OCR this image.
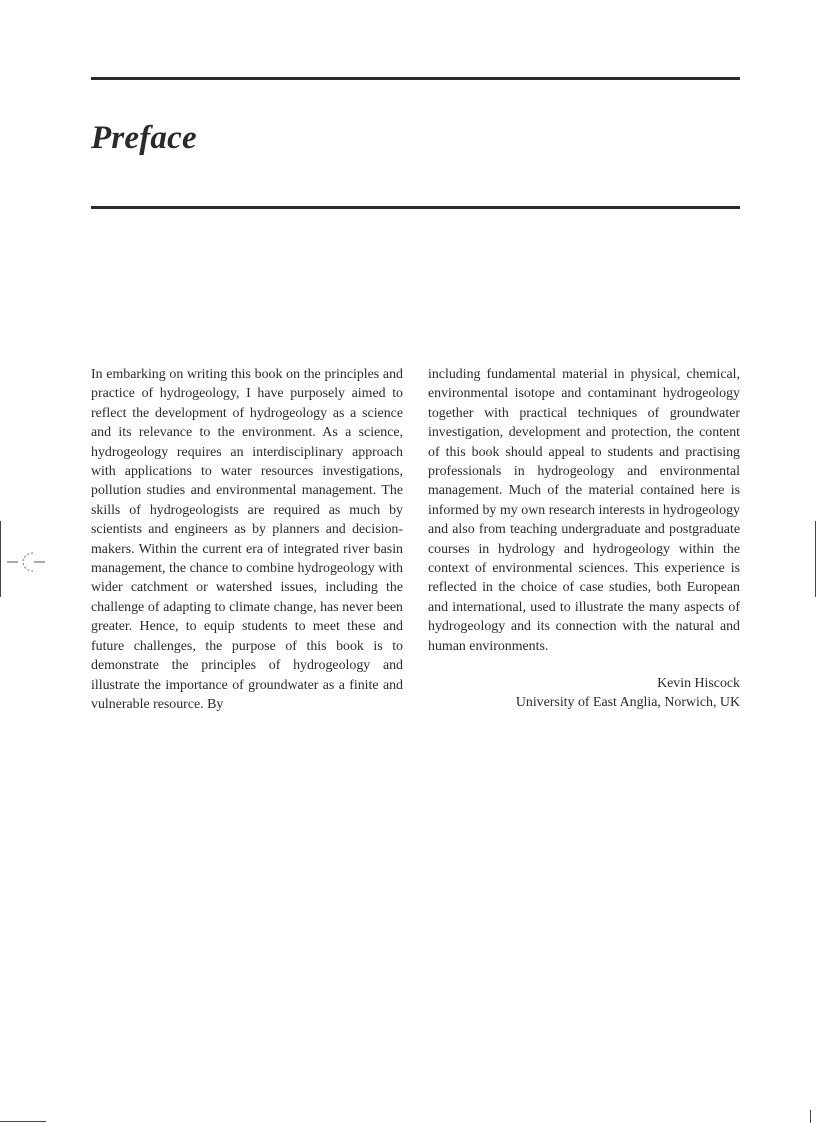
Preface

In embarking on writing this book on the principles and practice of hydrogeology, I have purposely aimed to reflect the development of hydrogeology as a science and its relevance to the environment. As a science, hydrogeology requires an interdisciplinary approach with applications to water resources investigations, pollution studies and environmental management. The skills of hydrogeologists are required as much by scientists and engineers as by planners and decision-makers. Within the current era of integrated river basin management, the chance to combine hydrogeology with wider catchment or watershed issues, including the challenge of adapting to climate change, has never been greater. Hence, to equip students to meet these and future challenges, the purpose of this book is to demonstrate the principles of hydrogeology and illustrate the importance of groundwater as a finite and vulnerable resource. By

including fundamental material in physical, chemical, environmental isotope and contaminant hydrogeology together with practical techniques of groundwater investigation, development and protection, the content of this book should appeal to students and practising professionals in hydrogeology and environmental management. Much of the material contained here is informed by my own research interests in hydrogeology and also from teaching undergraduate and postgraduate courses in hydrology and hydrogeology within the context of environmental sciences. This experience is reflected in the choice of case studies, both European and international, used to illustrate the many aspects of hydrogeology and its connection with the natural and human environments.

Kevin Hiscock
University of East Anglia, Norwich, UK
